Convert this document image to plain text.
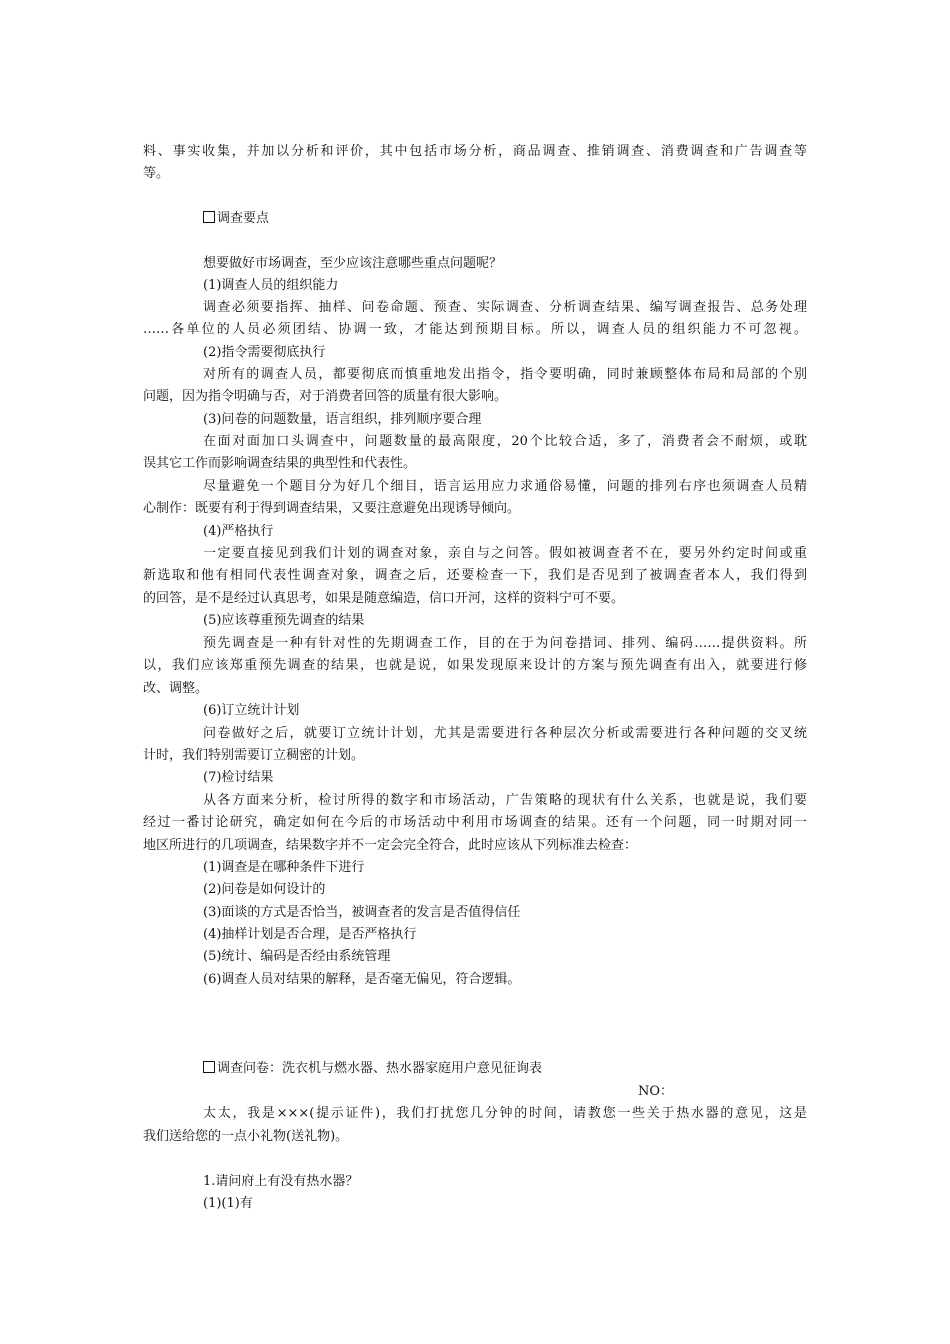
料、事实收集，并加以分析和评价，其中包括市场分析，商品调查、推销调查、消费调查和广告调查等
等。
调查要点
想要做好市场调查，至少应该注意哪些重点问题呢？
(1)调查人员的组织能力
调查必须要指挥、抽样、问卷命题、预查、实际调查、分析调查结果、编写调查报告、总务处理
……各单位的人员必须团结、协调一致，才能达到预期目标。所以，调查人员的组织能力不可忽视。
(2)指令需要彻底执行
对所有的调查人员，都要彻底而慎重地发出指令，指令要明确，同时兼顾整体布局和局部的个别
问题，因为指令明确与否，对于消费者回答的质量有很大影响。
(3)问卷的问题数量，语言组织，排列顺序要合理
在面对面加口头调查中，问题数量的最高限度，20个比较合适，多了，消费者会不耐烦，或耽
误其它工作而影响调查结果的典型性和代表性。
尽量避免一个题目分为好几个细目，语言运用应力求通俗易懂，问题的排列右序也须调查人员精
心制作：既要有利于得到调查结果，又要注意避免出现诱导倾向。
(4)严格执行
一定要直接见到我们计划的调查对象，亲自与之问答。假如被调查者不在，要另外约定时间或重
新选取和他有相同代表性调查对象，调查之后，还要检查一下，我们是否见到了被调查者本人，我们得到
的回答，是不是经过认真思考，如果是随意编造，信口开河，这样的资料宁可不要。
(5)应该尊重预先调查的结果
预先调查是一种有针对性的先期调查工作，目的在于为问卷措词、排列、编码……提供资料。所
以，我们应该郑重预先调查的结果，也就是说，如果发现原来设计的方案与预先调查有出入，就要进行修
改、调整。
(6)订立统计计划
问卷做好之后，就要订立统计计划，尤其是需要进行各种层次分析或需要进行各种问题的交叉统
计时，我们特别需要订立稠密的计划。
(7)检讨结果
从各方面来分析，检讨所得的数字和市场活动，广告策略的现状有什么关系，也就是说，我们要
经过一番讨论研究，确定如何在今后的市场活动中利用市场调查的结果。还有一个问题，同一时期对同一
地区所进行的几项调查，结果数字并不一定会完全符合，此时应该从下列标准去检查：
(1)调查是在哪种条件下进行
(2)问卷是如何设计的
(3)面谈的方式是否恰当，被调查者的发言是否值得信任
(4)抽样计划是否合理，是否严格执行
(5)统计、编码是否经由系统管理
(6)调查人员对结果的解释，是否毫无偏见，符合逻辑。
调查问卷：洗衣机与燃水器、热水器家庭用户意见征询表
NO：
太太，我是×××(提示证件)，我们打扰您几分钟的时间，请教您一些关于热水器的意见，这是
我们送给您的一点小礼物(送礼物)。
1.请问府上有没有热水器？
(1)(1)有
